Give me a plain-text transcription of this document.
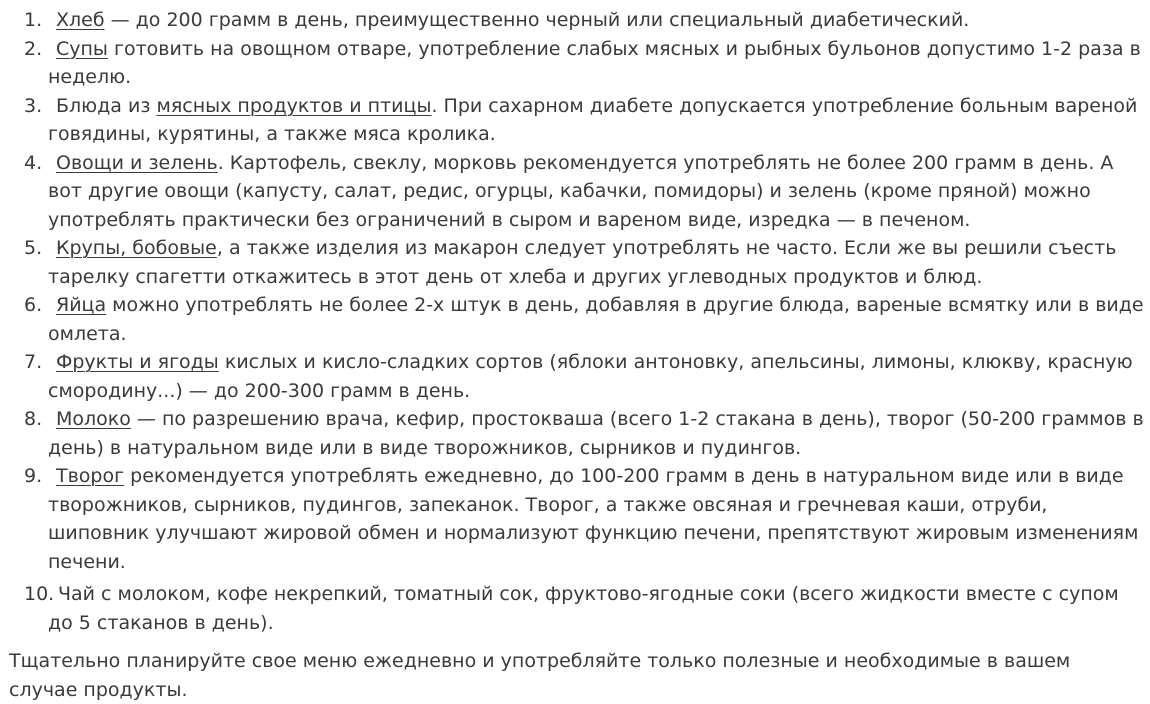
1. Хлеб — до 200 грамм в день, преимущественно черный или специальный диабетический.
2. Супы готовить на овощном отваре, употребление слабых мясных и рыбных бульонов допустимо 1-2 раза в неделю.
3. Блюда из мясных продуктов и птицы. При сахарном диабете допускается употребление больным вареной говядины, курятины, а также мяса кролика.
4. Овощи и зелень. Картофель, свеклу, морковь рекомендуется употреблять не более 200 грамм в день. А вот другие овощи (капусту, салат, редис, огурцы, кабачки, помидоры) и зелень (кроме пряной) можно употреблять практически без ограничений в сыром и вареном виде, изредка — в печеном.
5. Крупы, бобовые, а также изделия из макарон следует употреблять не часто. Если же вы решили съесть тарелку спагетти откажитесь в этот день от хлеба и других углеводных продуктов и блюд.
6. Яйца можно употреблять не более 2-х штук в день, добавляя в другие блюда, вареные всмятку или в виде омлета.
7. Фрукты и ягоды кислых и кисло-сладких сортов (яблоки антоновку, апельсины, лимоны, клюкву, красную смородину...) — до 200-300 грамм в день.
8. Молоко — по разрешению врача, кефир, простокваша (всего 1-2 стакана в день), творог (50-200 граммов в день) в натуральном виде или в виде творожников, сырников и пудингов.
9. Творог рекомендуется употреблять ежедневно, до 100-200 грамм в день в натуральном виде или в виде творожников, сырников, пудингов, запеканок. Творог, а также овсяная и гречневая каши, отруби, шиповник улучшают жировой обмен и нормализуют функцию печени, препятствуют жировым изменениям печени.
10. Чай с молоком, кофе некрепкий, томатный сок, фруктово-ягодные соки (всего жидкости вместе с супом до 5 стаканов в день).

Тщательно планируйте свое меню ежедневно и употребляйте только полезные и необходимые в вашем случае продукты.
